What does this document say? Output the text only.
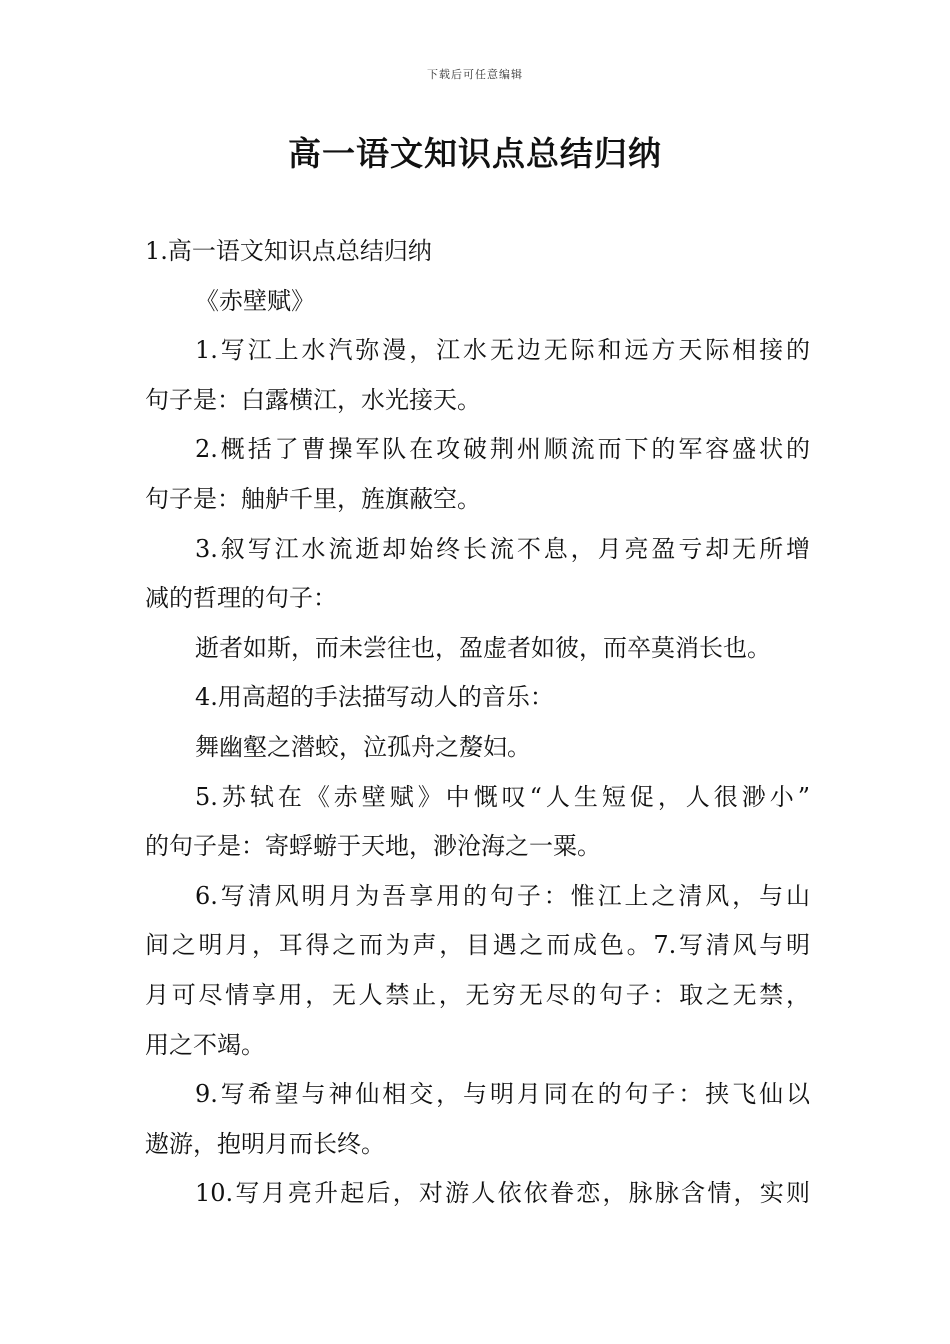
下载后可任意编辑
高一语文知识点总结归纳
1.高一语文知识点总结归纳
《赤壁赋》
1.写江上水汽弥漫，江水无边无际和远方天际相接的
句子是：白露横江，水光接天。
2.概括了曹操军队在攻破荆州顺流而下的军容盛状的
句子是：舳舻千里，旌旗蔽空。
3.叙写江水流逝却始终长流不息，月亮盈亏却无所增
减的哲理的句子：
逝者如斯，而未尝往也，盈虚者如彼，而卒莫消长也。
4.用高超的手法描写动人的音乐：
舞幽壑之潜蛟，泣孤舟之嫠妇。
5.苏轼在《赤壁赋》中慨叹“人生短促，人很渺小”
的句子是：寄蜉蝣于天地，渺沧海之一粟。
6.写清风明月为吾享用的句子：惟江上之清风，与山
间之明月，耳得之而为声，目遇之而成色。7.写清风与明
月可尽情享用，无人禁止，无穷无尽的句子：取之无禁，
用之不竭。
9.写希望与神仙相交，与明月同在的句子：挟飞仙以
遨游，抱明月而长终。
10.写月亮升起后，对游人依依眷恋，脉脉含情，实则
